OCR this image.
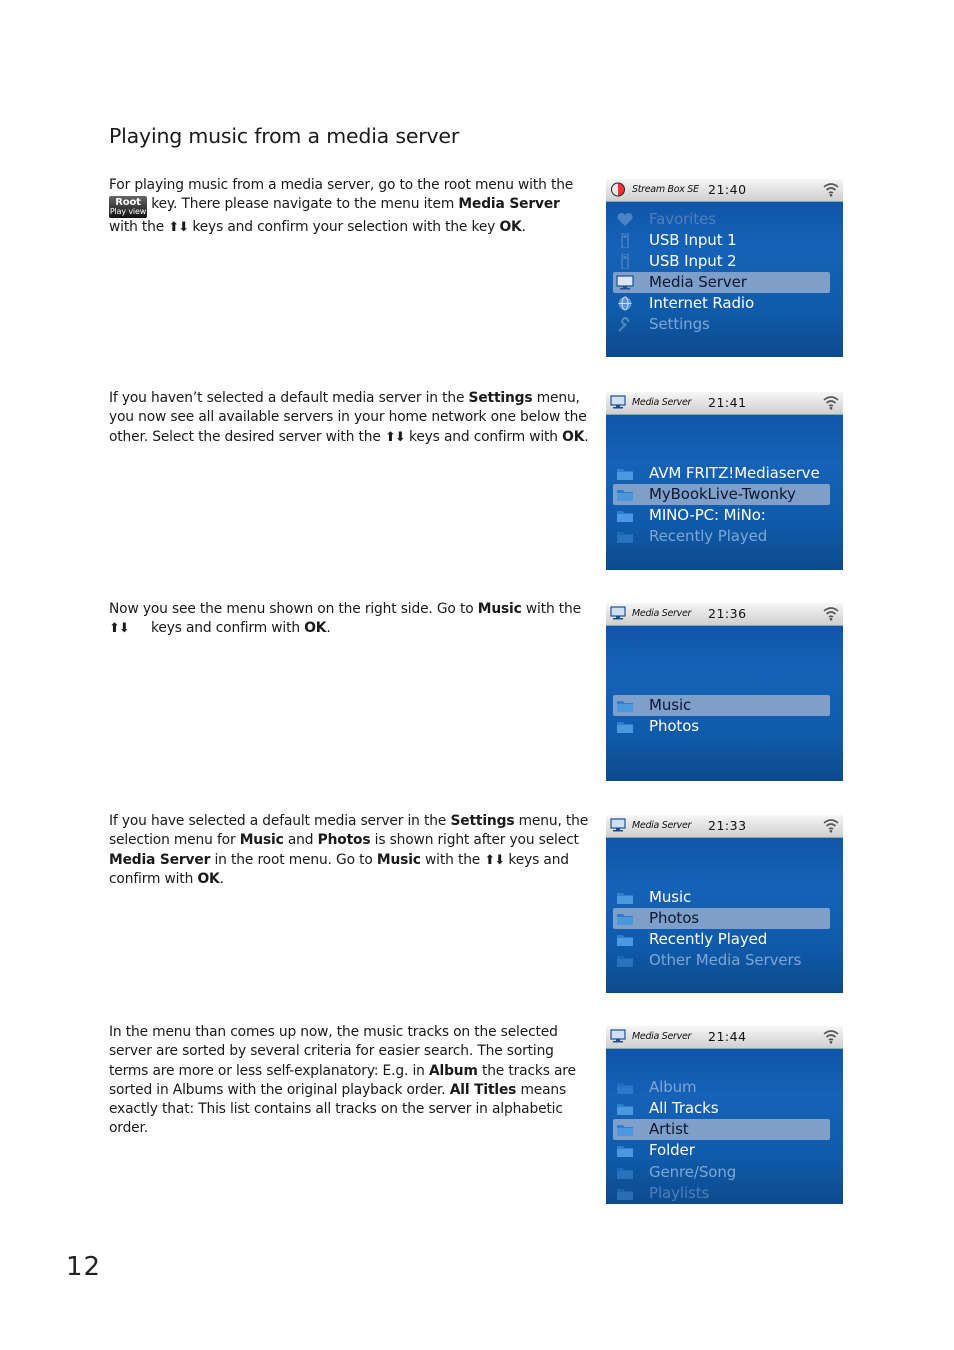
Playing music from a media server
For playing music from a media server, go to the root menu with the

Root
Play view key. There please navigate to the menu item Media Server
with the ⬆⬇ keys and confirm your selection with the key OK.
Stream Box SE 21:40
Favorites
USB Input 1
USB Input 2
Media Server
Internet Radio
Settings
If you haven’t selected a default media server in the Settings menu, you now see all available servers in your home network one below the other. Select the desired server with the ⬆⬇ keys and confirm with OK.
Media Server 21:41
AVM FRITZ!Mediaserve
MyBookLive-Twonky
MINO-PC: MiNo:
Recently Played
Now you see the menu shown on the right side. Go to Music with the
⬆⬇ keys and confirm with OK.
Media Server 21:36
Music
Photos
If you have selected a default media server in the Settings menu, the selection menu for Music and Photos is shown right after you select Media Server in the root menu. Go to Music with the ⬆⬇ keys and confirm with OK.
Media Server 21:33
Music
Photos
Recently Played
Other Media Servers
In the menu than comes up now, the music tracks on the selected server are sorted by several criteria for easier search. The sorting terms are more or less self-explanatory: E.g. in Album the tracks are sorted in Albums with the original playback order. All Titles means exactly that: This list contains all tracks on the server in alphabetic order.
Media Server 21:44
Album
All Tracks
Artist
Folder
Genre/Song
Playlists
12
